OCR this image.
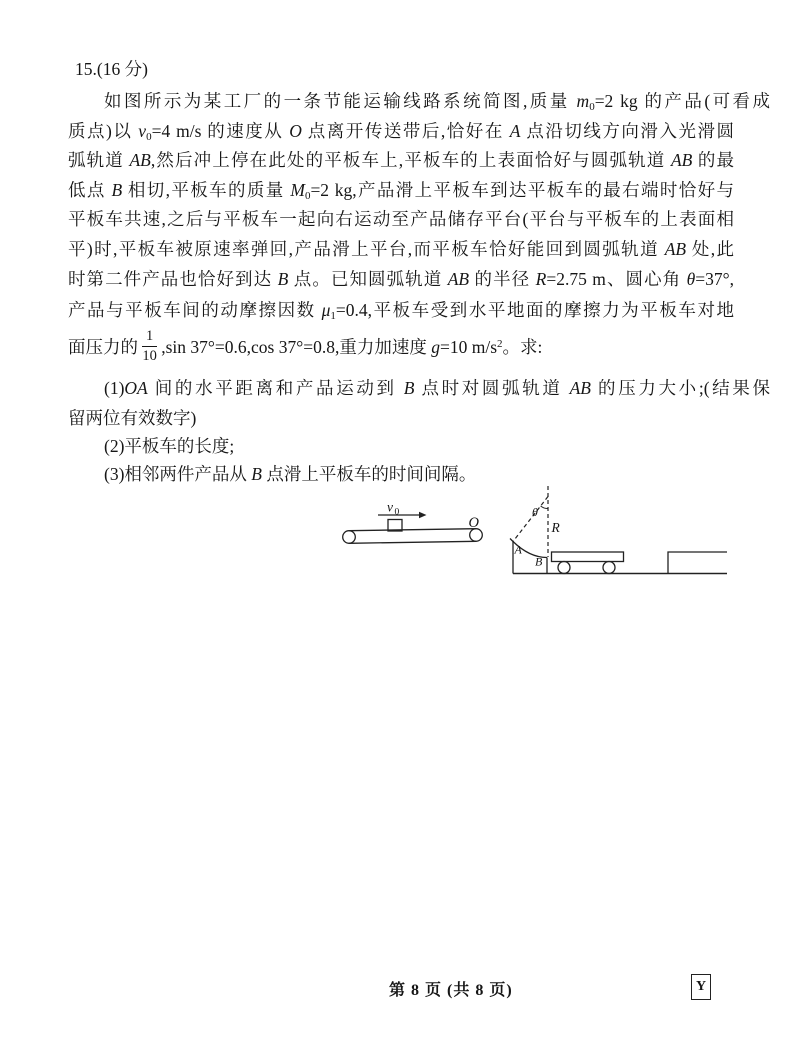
15.(16 分)
如图所示为某工厂的一条节能运输线路系统简图,质量 m0=2 kg 的产品(可看成
质点)以 v0=4 m/s 的速度从 O 点离开传送带后,恰好在 A 点沿切线方向滑入光滑圆
弧轨道 AB,然后冲上停在此处的平板车上,平板车的上表面恰好与圆弧轨道 AB 的最
低点 B 相切,平板车的质量 M0=2 kg,产品滑上平板车到达平板车的最右端时恰好与
平板车共速,之后与平板车一起向右运动至产品储存平台(平台与平板车的上表面相
平)时,平板车被原速率弹回,产品滑上平台,而平板车恰好能回到圆弧轨道 AB 处,此
时第二件产品也恰好到达 B 点。已知圆弧轨道 AB 的半径 R=2.75 m、圆心角 θ=37°,
产品与平板车间的动摩擦因数 μ1=0.4,平板车受到水平地面的摩擦力为平板车对地
面压力的 $\frac{1}{10} ,\sin$ 37°=0.6,cos 37°=0.8,重力加速度 g=10 $m/s^2$。求:
(1)OA 间的水平距离和产品运动到 B 点时对圆弧轨道 AB 的压力大小;(结果保
留两位有效数字)
(2)平板车的长度;
(3)相邻两件产品从 B 点滑上平板车的时间间隔。
v 0
O
θ
R
A
B
第 8 页 (共 8 页)	Y
